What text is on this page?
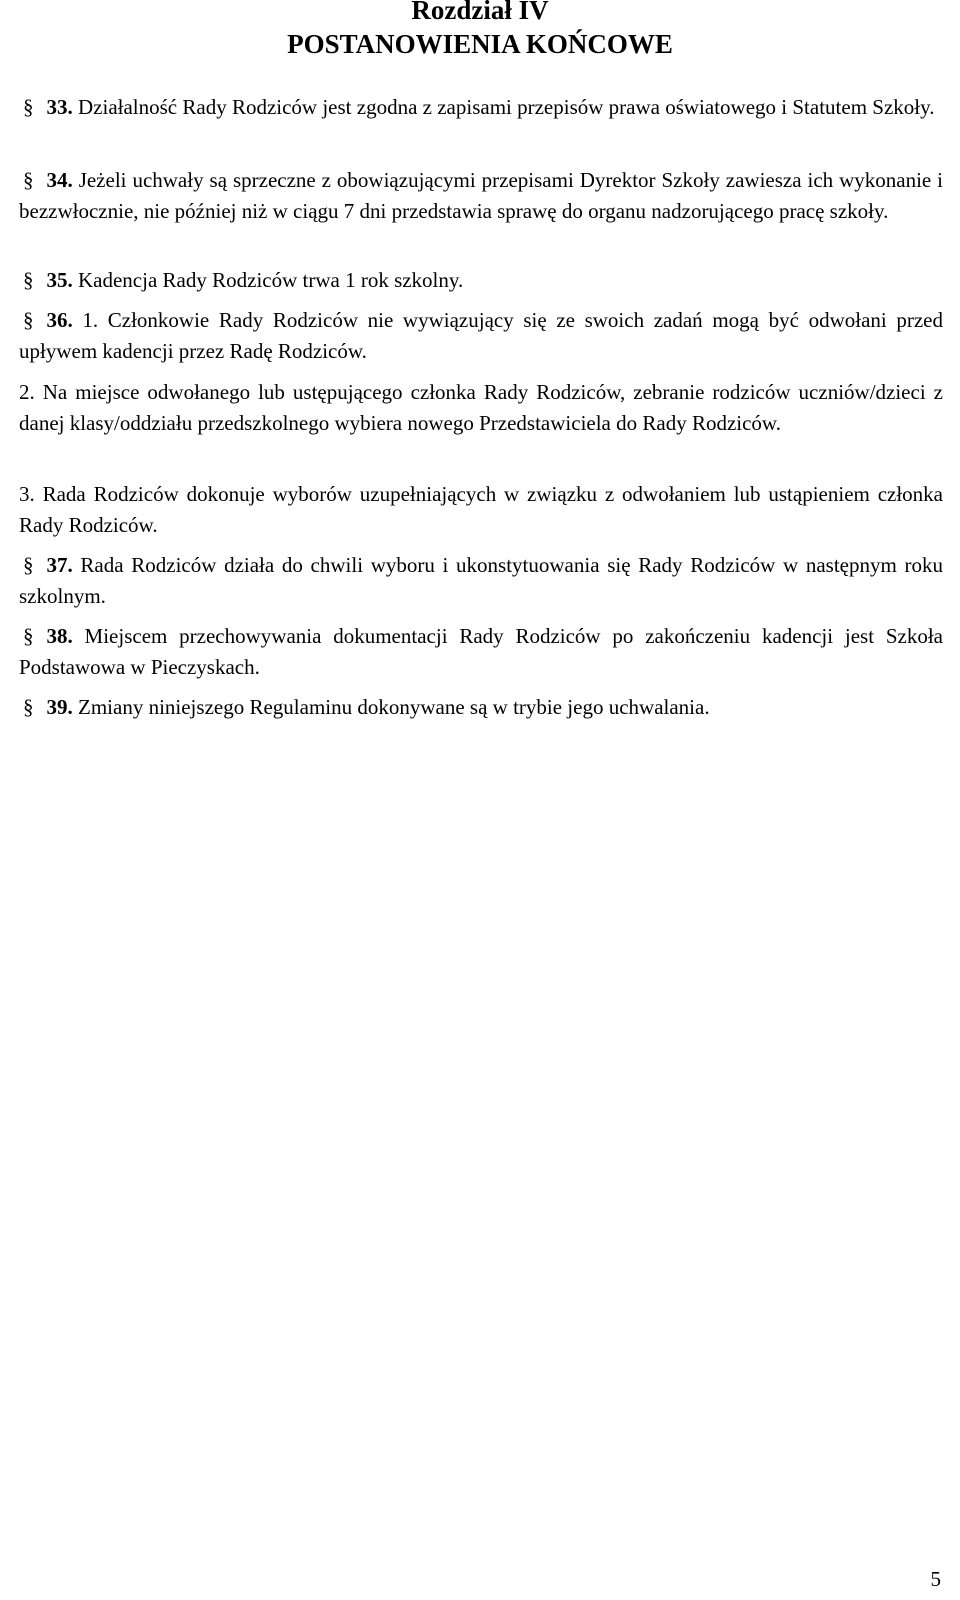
Rozdział IV
POSTANOWIENIA KOŃCOWE

§ 33. Działalność Rady Rodziców jest zgodna z zapisami przepisów prawa oświatowego i Statutem Szkoły.

§ 34. Jeżeli uchwały są sprzeczne z obowiązującymi przepisami Dyrektor Szkoły zawiesza ich wykonanie i bezzwłocznie, nie później niż w ciągu 7 dni przedstawia sprawę do organu nadzorującego pracę szkoły.

§ 35. Kadencja Rady Rodziców trwa 1 rok szkolny.

§ 36. 1. Członkowie Rady Rodziców nie wywiązujący się ze swoich zadań mogą być odwołani przed upływem kadencji przez Radę Rodziców.

2. Na miejsce odwołanego lub ustępującego członka Rady Rodziców, zebranie rodziców uczniów/dzieci z danej klasy/oddziału przedszkolnego wybiera nowego Przedstawiciela do Rady Rodziców.

3. Rada Rodziców dokonuje wyborów uzupełniających w związku z odwołaniem lub ustąpieniem członka Rady Rodziców.

§ 37. Rada Rodziców działa do chwili wyboru i ukonstytuowania się Rady Rodziców w następnym roku szkolnym.

§ 38. Miejscem przechowywania dokumentacji Rady Rodziców po zakończeniu kadencji jest Szkoła Podstawowa w Pieczyskach.

§ 39. Zmiany niniejszego Regulaminu dokonywane są w trybie jego uchwalania.

5
